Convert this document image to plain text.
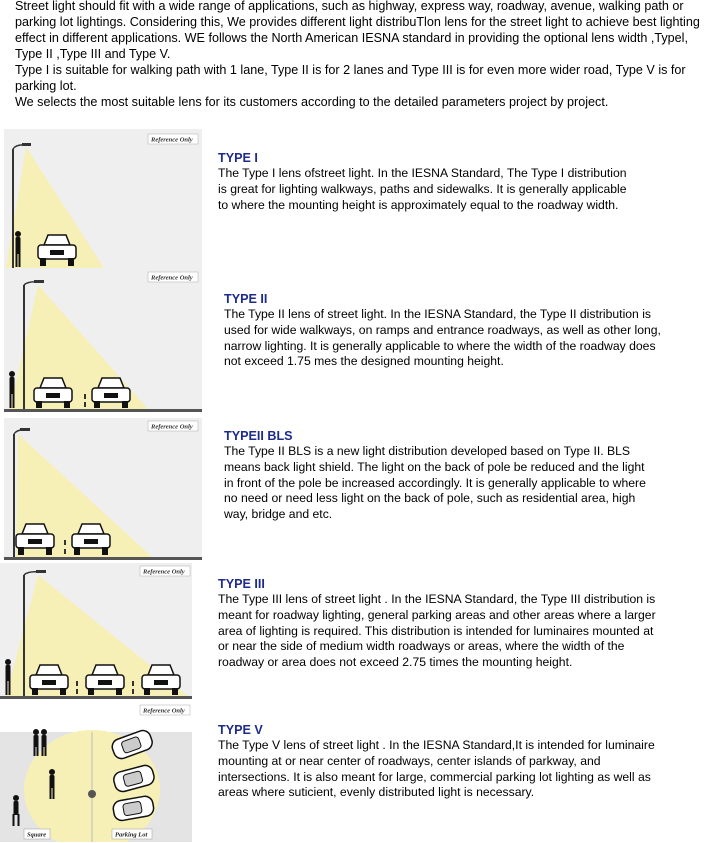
Street light should fit with a wide range of applications, such as highway, express way, roadway, avenue, walking path or parking lot lightings. Considering this, We provides different light distribuTlon lens for the street light to achieve best lighting effect in different applications. WE follows the North American IESNA standard in providing the optional lens width ,Typel, Type II ,Type III and Type V.

Type I is suitable for walking path with 1 lane, Type II is for 2 lanes and Type III is for even more wider road, Type V is for parking lot.

We selects the most suitable lens for its customers according to the detailed parameters project by project.

Reference Only
TYPE I

The Type I lens ofstreet light. In the IESNA Standard, The Type I distribution is great for lighting walkways, paths and sidewalks. It is generally applicable to where the mounting height is approximately equal to the roadway width.

Reference Only
TYPE II

The Type II lens of street light. In the IESNA Standard, the Type II distribution is used for wide walkways, on ramps and entrance roadways, as well as other long, narrow lighting. It is generally applicable to where the width of the roadway does not exceed 1.75 mes the designed mounting height.

Reference Only
TYPEII BLS

The Type II BLS is a new light distribution developed based on Type II. BLS means back light shield. The light on the back of pole be reduced and the light in front of the pole be increased accordingly. It is generally applicable to where no need or need less light on the back of pole, such as residential area, high way, bridge and etc.

Reference Only
TYPE III

The Type III lens of street light . In the IESNA Standard, the Type III distribution is meant for roadway lighting, general parking areas and other areas where a larger area of lighting is required. This distribution is intended for luminaires mounted at or near the side of medium width roadways or areas, where the width of the roadway or area does not exceed 2.75 times the mounting height.

Reference Only
Square	Parking Lot
TYPE V

The Type V lens of street light . In the IESNA Standard,It is intended for luminaire mounting at or near center of roadways, center islands of parkway, and intersections. It is also meant for large, commercial parking lot lighting as well as areas where suticient, evenly distributed light is necessary.
